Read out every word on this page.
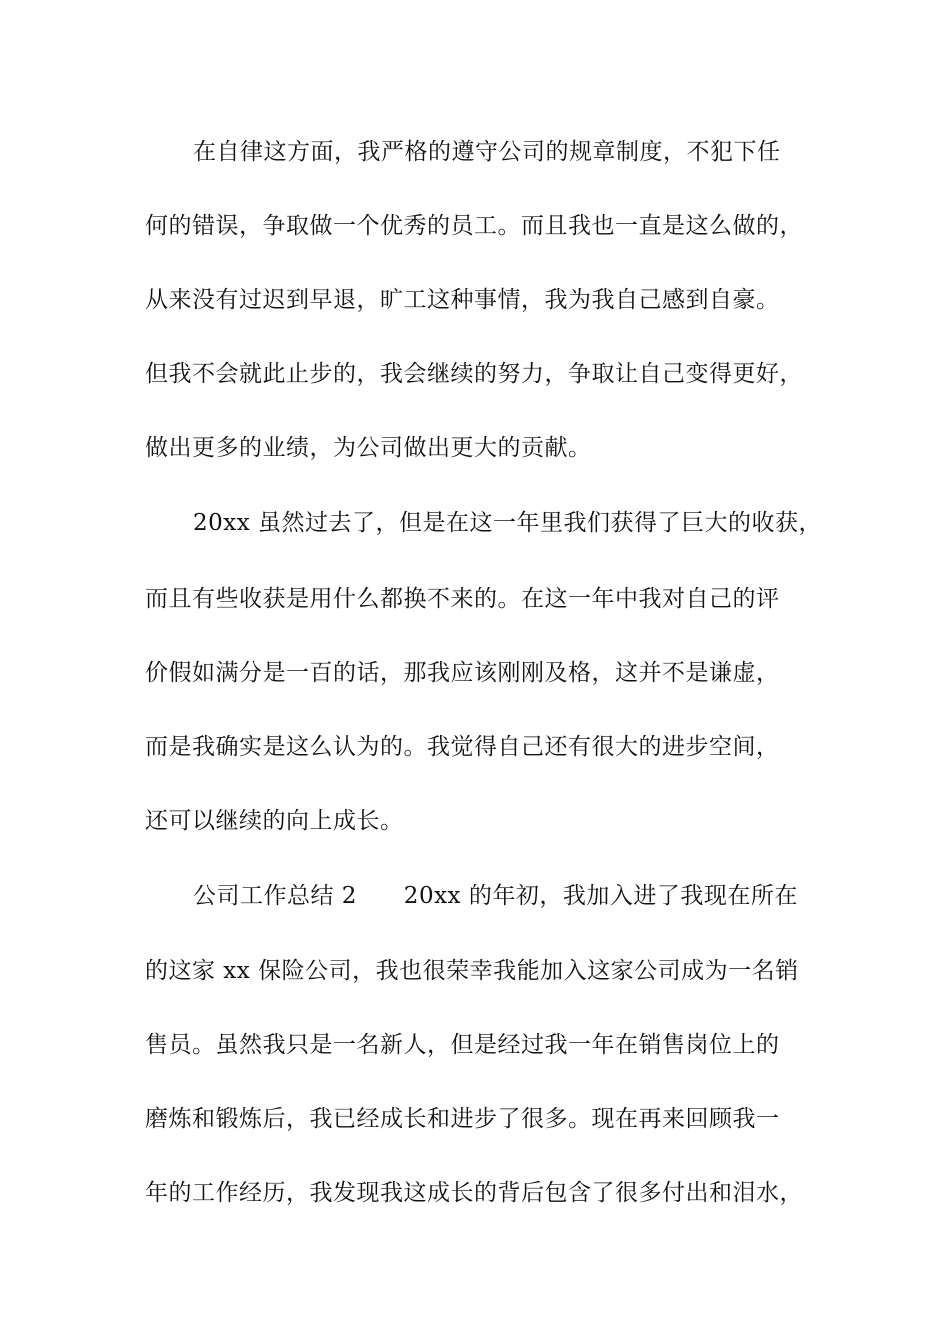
在自律这方面，我严格的遵守公司的规章制度，不犯下任
何的错误，争取做一个优秀的员工。而且我也一直是这么做的，
从来没有过迟到早退，旷工这种事情，我为我自己感到自豪。
但我不会就此止步的，我会继续的努力，争取让自己变得更好，
做出更多的业绩，为公司做出更大的贡献。
20xx 虽然过去了，但是在这一年里我们获得了巨大的收获，
而且有些收获是用什么都换不来的。在这一年中我对自己的评
价假如满分是一百的话，那我应该刚刚及格，这并不是谦虚，
而是我确实是这么认为的。我觉得自己还有很大的进步空间，
还可以继续的向上成长。
公司工作总结 2      20xx 的年初，我加入进了我现在所在
的这家 xx 保险公司，我也很荣幸我能加入这家公司成为一名销
售员。虽然我只是一名新人，但是经过我一年在销售岗位上的
磨炼和锻炼后，我已经成长和进步了很多。现在再来回顾我一
年的工作经历，我发现我这成长的背后包含了很多付出和泪水，
